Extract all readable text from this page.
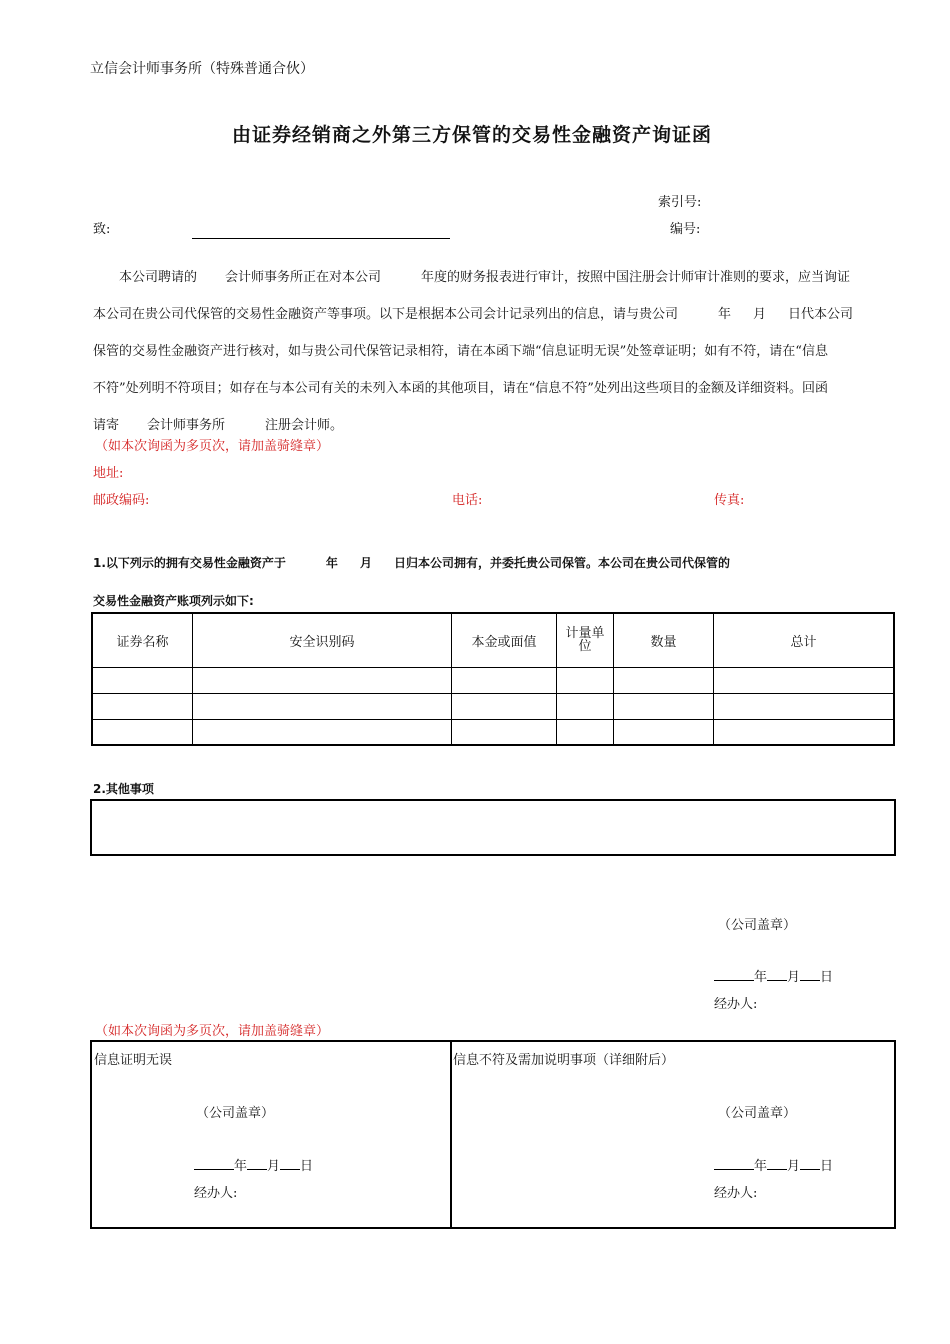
立信会计师事务所（特殊普通合伙）
由证券经销商之外第三方保管的交易性金融资产询证函
索引号:
致:	编号:
本公司聘请的 会计师事务所正在对本公司	年度的财务报表进行审计，按照中国注册会计师审计准则的要求，应当询证
本公司在贵公司代保管的交易性金融资产等事项。以下是根据本公司会计记录列出的信息，请与贵公司	年 月 日代本公司
保管的交易性金融资产进行核对，如与贵公司代保管记录相符，请在本函下端“信息证明无误”处签章证明；如有不符，请在“信息
不符”处列明不符项目；如存在与本公司有关的未列入本函的其他项目，请在“信息不符”处列出这些项目的金额及详细资料。回函
请寄 会计师事务所	注册会计师。
（如本次询函为多页次，请加盖骑缝章）
地址:
邮政编码:	电话:	传真:
1.以下列示的拥有交易性金融资产于	年 月 日归本公司拥有，并委托贵公司保管。本公司在贵公司代保管的
交易性金融资产账项列示如下:
证券名称	安全识别码	本金或面值	计量单位	数量	总计

2.其他事项
（公司盖章）
年 月 日
经办人:
（如本次询函为多页次，请加盖骑缝章）
信息证明无误
（公司盖章）
年 月 日
经办人:
信息不符及需加说明事项（详细附后）
（公司盖章）
年 月 日
经办人:
